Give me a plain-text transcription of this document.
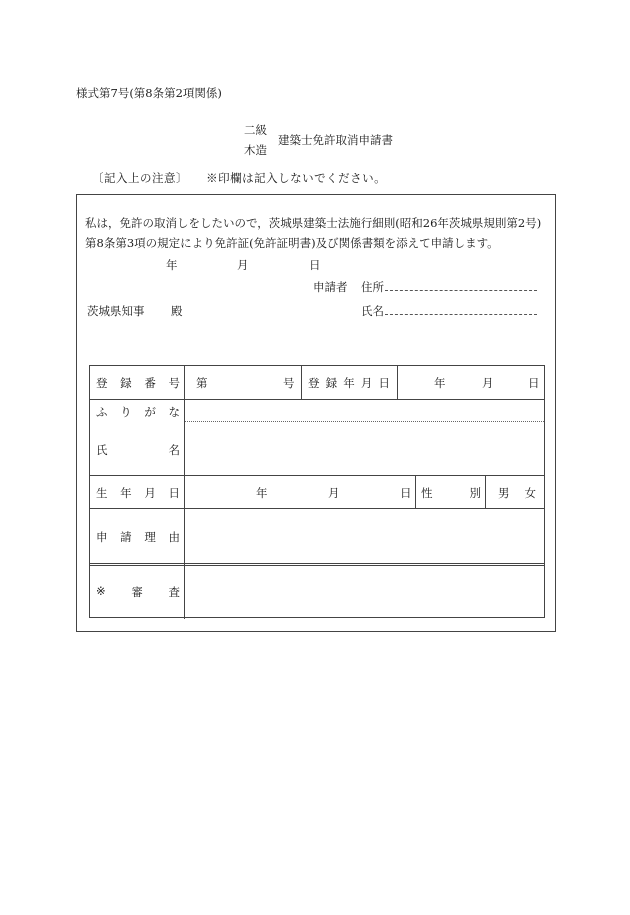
様式第7号(第8条第2項関係)
二級
木造
建築士免許取消申請書
〔記入上の注意〕 ※印欄は記入しないでください。
私は，免許の取消しをしたいので，茨城県建築士法施行細則(昭和26年茨城県規則第2号)第8条第3項の規定により免許証(免許証明書)及び関係書類を添えて申請します。
年	月	日
申請者 住所
茨城県知事 殿	氏名
登 録 番 号 第	号 登 録 年 月 日	年	月	日
ふ り が な
氏	名
生 年 月 日	年	月	日 性	別 男 女
申 請 理 由
※ 審 査
